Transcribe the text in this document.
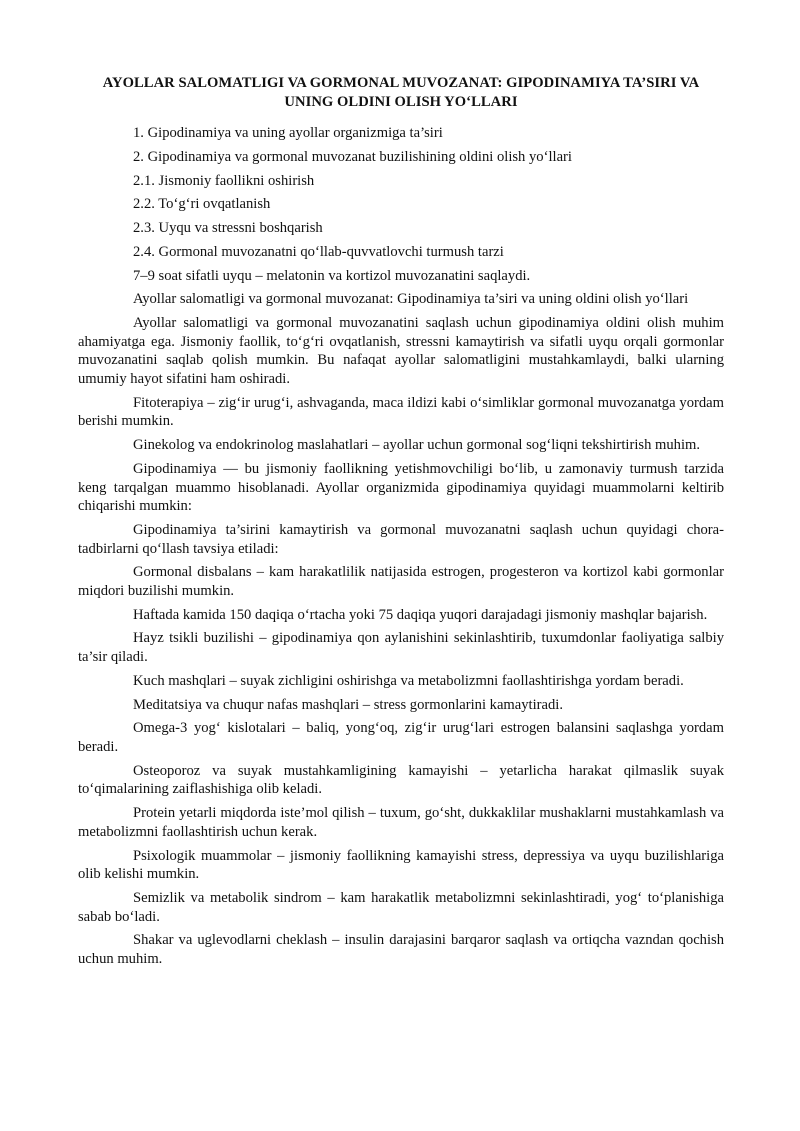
AYOLLAR SALOMATLIGI VA GORMONAL MUVOZANAT: GIPODINAMIYA TA’SIRI VA UNING OLDINI OLISH YO‘LLARI

1. Gipodinamiya va uning ayollar organizmiga ta’siri

2. Gipodinamiya va gormonal muvozanat buzilishining oldini olish yo‘llari

2.1. Jismoniy faollikni oshirish

2.2. To‘g‘ri ovqatlanish

2.3. Uyqu va stressni boshqarish

2.4. Gormonal muvozanatni qo‘llab-quvvatlovchi turmush tarzi

7–9 soat sifatli uyqu – melatonin va kortizol muvozanatini saqlaydi.

Ayollar salomatligi va gormonal muvozanat: Gipodinamiya ta’siri va uning oldini olish yo‘llari

Ayollar salomatligi va gormonal muvozanatini saqlash uchun gipodinamiya oldini olish muhim ahamiyatga ega. Jismoniy faollik, to‘g‘ri ovqatlanish, stressni kamaytirish va sifatli uyqu orqali gormonlar muvozanatini saqlab qolish mumkin. Bu nafaqat ayollar salomatligini mustahkamlaydi, balki ularning umumiy hayot sifatini ham oshiradi.

Fitoterapiya – zig‘ir urug‘i, ashvaganda, maca ildizi kabi o‘simliklar gormonal muvozanatga yordam berishi mumkin.

Ginekolog va endokrinolog maslahatlari – ayollar uchun gormonal sog‘liqni tekshirtirish muhim.

Gipodinamiya — bu jismoniy faollikning yetishmovchiligi bo‘lib, u zamonaviy turmush tarzida keng tarqalgan muammo hisoblanadi. Ayollar organizmida gipodinamiya quyidagi muammolarni keltirib chiqarishi mumkin:

Gipodinamiya ta’sirini kamaytirish va gormonal muvozanatni saqlash uchun quyidagi chora-tadbirlarni qo‘llash tavsiya etiladi:

Gormonal disbalans – kam harakatlilik natijasida estrogen, progesteron va kortizol kabi gormonlar miqdori buzilishi mumkin.

Haftada kamida 150 daqiqa o‘rtacha yoki 75 daqiqa yuqori darajadagi jismoniy mashqlar bajarish.

Hayz tsikli buzilishi – gipodinamiya qon aylanishini sekinlashtirib, tuxumdonlar faoliyatiga salbiy ta’sir qiladi.

Kuch mashqlari – suyak zichligini oshirishga va metabolizmni faollashtirishga yordam beradi.

Meditatsiya va chuqur nafas mashqlari – stress gormonlarini kamaytiradi.

Omega-3 yog‘ kislotalari – baliq, yong‘oq, zig‘ir urug‘lari estrogen balansini saqlashga yordam beradi.

Osteoporoz va suyak mustahkamligining kamayishi – yetarlicha harakat qilmaslik suyak to‘qimalarining zaiflashishiga olib keladi.

Protein yetarli miqdorda iste’mol qilish – tuxum, go‘sht, dukkaklilar mushaklarni mustahkamlash va metabolizmni faollashtirish uchun kerak.

Psixologik muammolar – jismoniy faollikning kamayishi stress, depressiya va uyqu buzilishlariga olib kelishi mumkin.

Semizlik va metabolik sindrom – kam harakatlik metabolizmni sekinlashtiradi, yog‘ to‘planishiga sabab bo‘ladi.

Shakar va uglevodlarni cheklash – insulin darajasini barqaror saqlash va ortiqcha vazndan qochish uchun muhim.
